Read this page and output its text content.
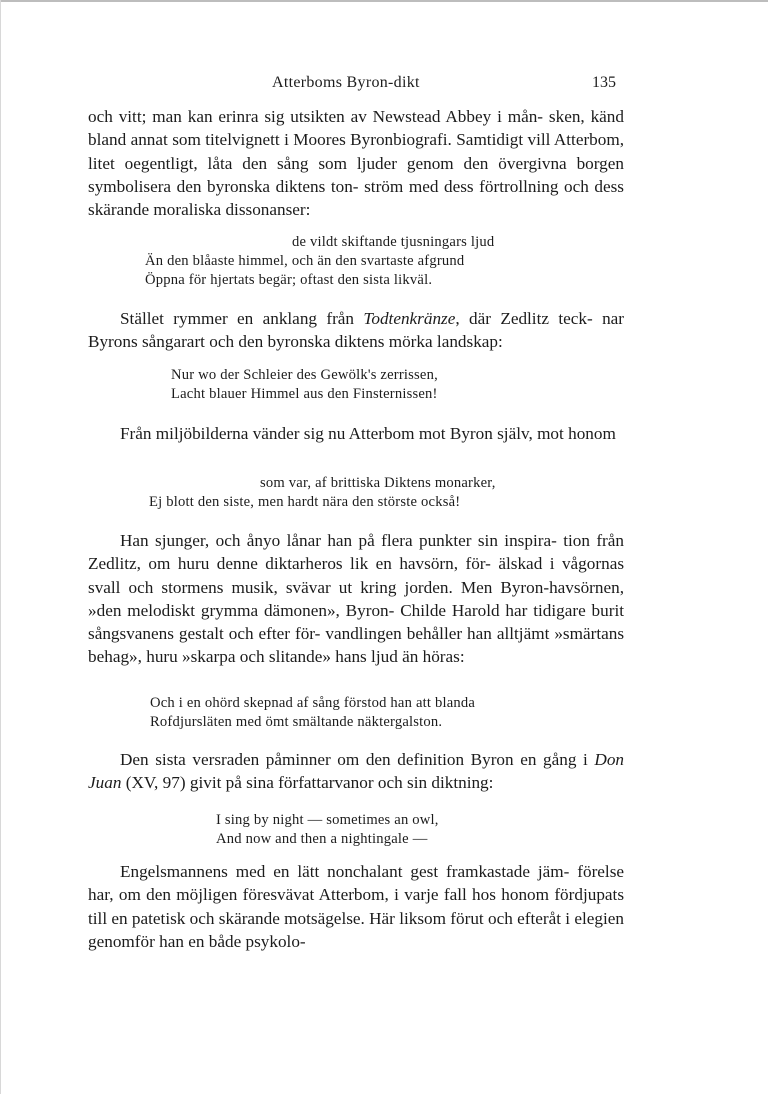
Atterboms Byron-dikt	135

och vitt; man kan erinra sig utsikten av Newstead Abbey i mån- sken, känd bland annat som titelvignett i Moores Byronbiografi. Samtidigt vill Atterbom, litet oegentligt, låta den sång som ljuder genom den övergivna borgen symbolisera den byronska diktens ton- ström med dess förtrollning och dess skärande moraliska dissonanser:

de vildt skiftande tjusningars ljud
Än den blåaste himmel, och än den svartaste afgrund
Öppna för hjertats begär; oftast den sista likväl.

Stället rymmer en anklang från Todtenkränze, där Zedlitz teck- nar Byrons sångarart och den byronska diktens mörka landskap:

Nur wo der Schleier des Gewölk's zerrissen,
Lacht blauer Himmel aus den Finsternissen!

Från miljöbilderna vänder sig nu Atterbom mot Byron själv, mot honom

som var, af brittiska Diktens monarker,
Ej blott den siste, men hardt nära den störste också!

Han sjunger, och ånyo lånar han på flera punkter sin inspira- tion från Zedlitz, om huru denne diktarheros lik en havsörn, för- älskad i vågornas svall och stormens musik, svävar ut kring jorden. Men Byron-havsörnen, »den melodiskt grymma dämonen», Byron- Childe Harold har tidigare burit sångsvanens gestalt och efter för- vandlingen behåller han alltjämt »smärtans behag», huru »skarpa och slitande» hans ljud än höras:

Och i en ohörd skepnad af sång förstod han att blanda
Rofdjursläten med ömt smältande näktergalston.

Den sista versraden påminner om den definition Byron en gång i Don Juan (XV, 97) givit på sina författarvanor och sin diktning:

I sing by night — sometimes an owl,
And now and then a nightingale —

Engelsmannens med en lätt nonchalant gest framkastade jäm- förelse har, om den möjligen föresvävat Atterbom, i varje fall hos honom fördjupats till en patetisk och skärande motsägelse. Här liksom förut och efteråt i elegien genomför han en både psykolo-
